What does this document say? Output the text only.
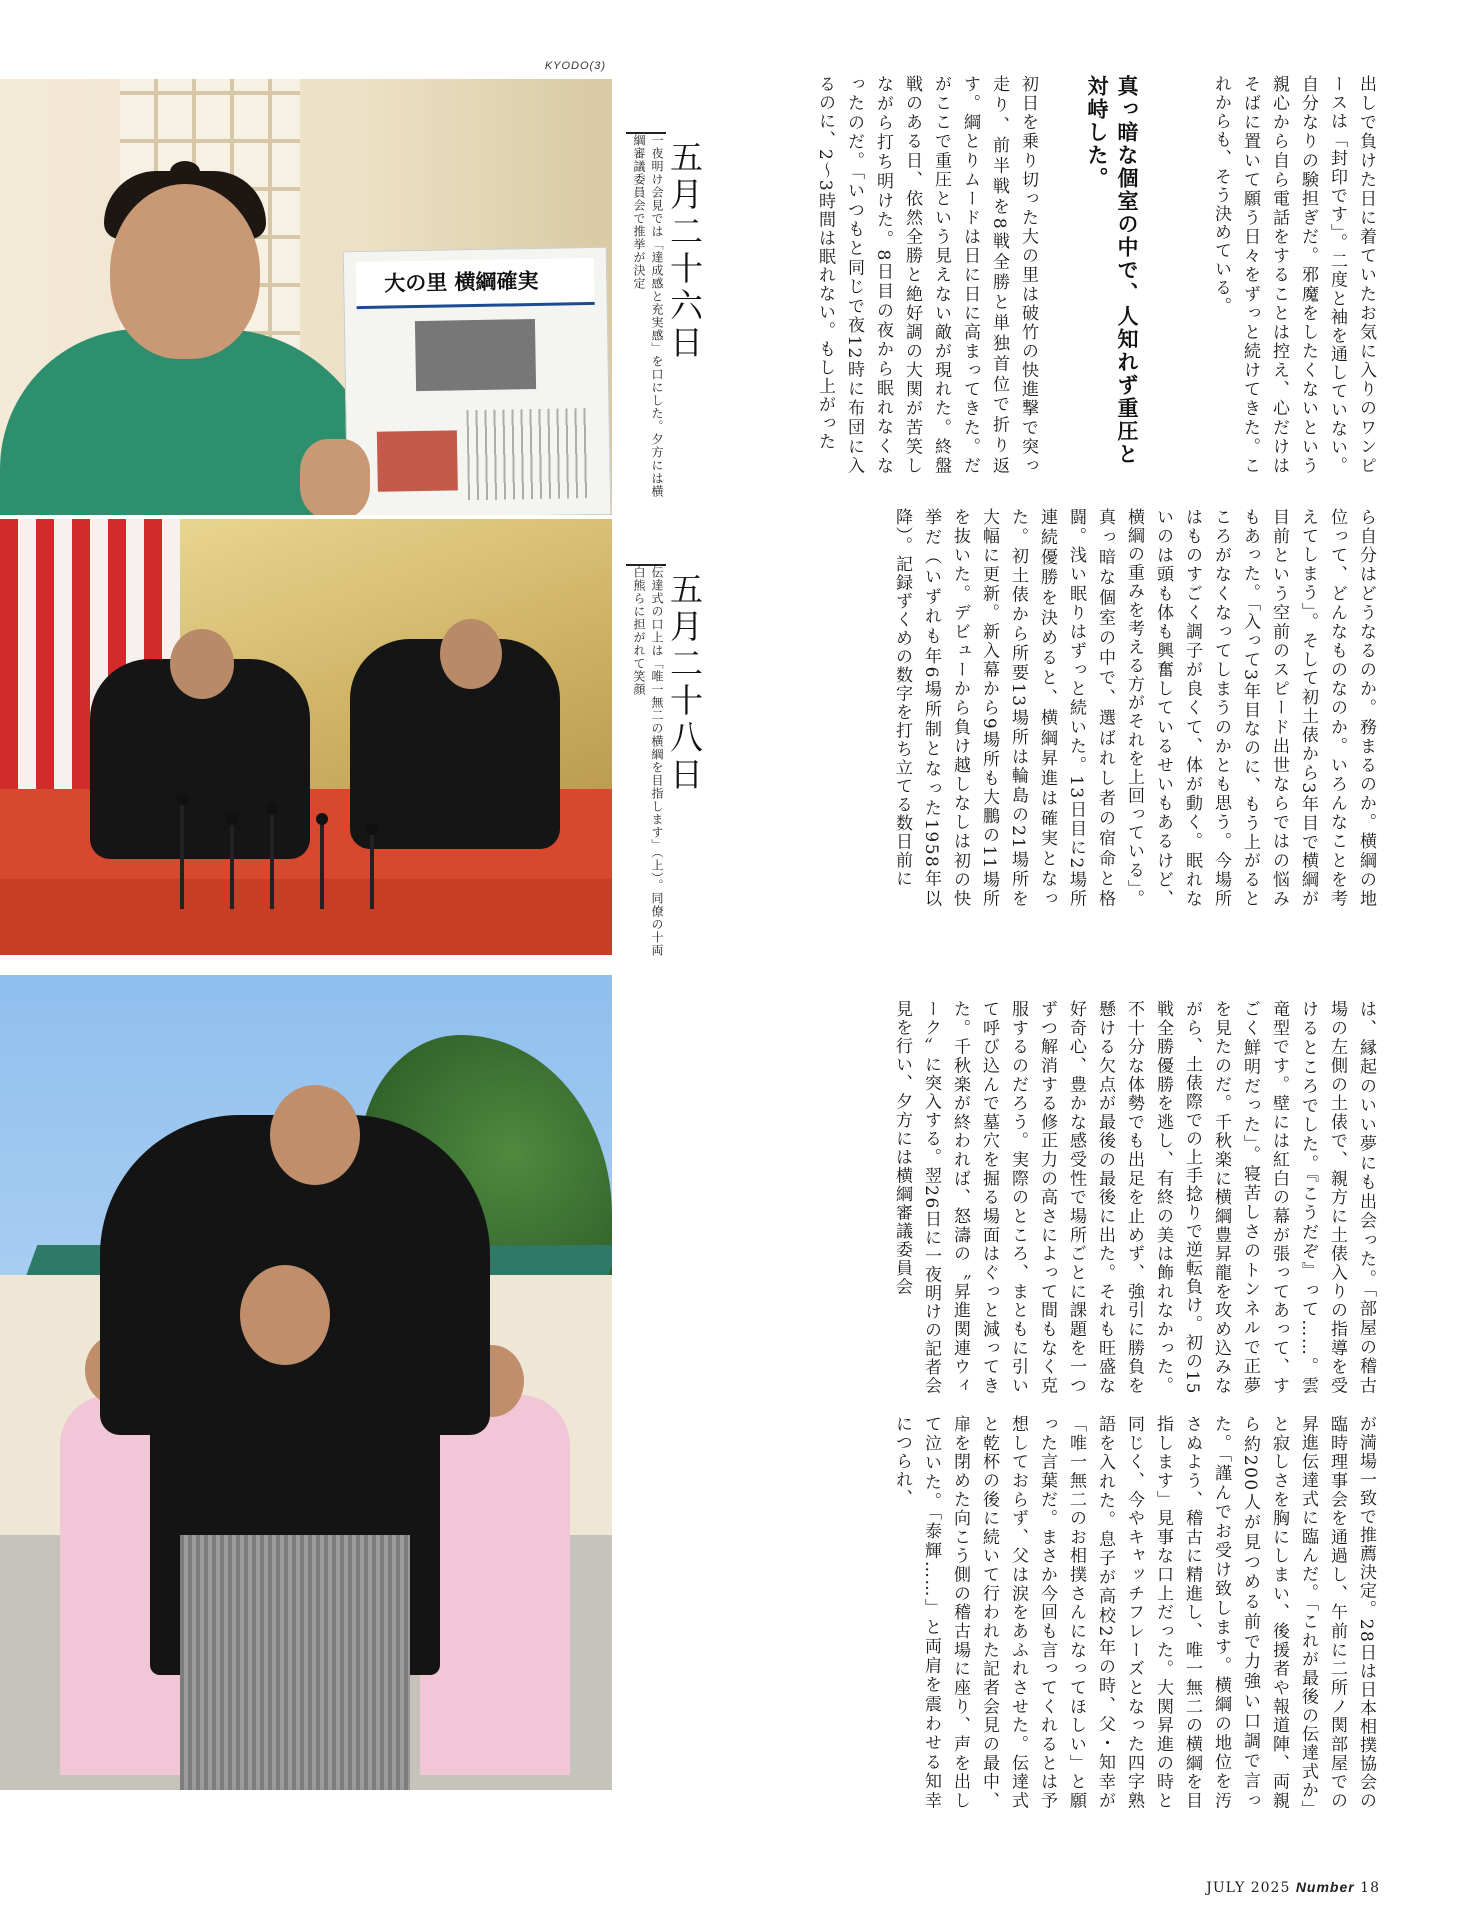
KYODO(3)
大の里 横綱確実	五月二十六日
一夜明け会見では「達成感と充実感」を口にした。夕方には横綱審議委員会で推挙が決定
五月二十八日
伝達式の口上は「唯一無二の横綱を目指します」（上）。同僚の十両白熊らに担がれて笑顔
出しで負けた日に着ていたお気に入りのワンピースは「封印です」。二度と袖を通していない。自分なりの験担ぎだ。邪魔をしたくないという親心から自ら電話をすることは控え、心だけはそばに置いて願う日々をずっと続けてきた。これからも、そう決めている。
真っ暗な個室の中で、人知れず重圧と対峙した。
初日を乗り切った大の里は破竹の快進撃で突っ走り、前半戦を8戦全勝と単独首位で折り返す。綱とりムードは日に日に高まってきた。だがここで重圧という見えない敵が現れた。終盤戦のある日、依然全勝と絶好調の大関が苦笑しながら打ち明けた。8日目の夜から眠れなくなったのだ。「いつもと同じで夜12時に布団に入るのに、2〜3時間は眠れない。もし上がった
ら自分はどうなるのか。務まるのか。横綱の地位って、どんなものなのか。いろんなことを考えてしまう」。そして初土俵から3年目で横綱が目前という空前のスピード出世ならではの悩みもあった。「入って3年目なのに、もう上がるところがなくなってしまうのかとも思う。今場所はものすごく調子が良くて、体が動く。眠れないのは頭も体も興奮しているせいもあるけど、横綱の重みを考える方がそれを上回っている」。真っ暗な個室の中で、選ばれし者の宿命と格闘。浅い眠りはずっと続いた。13日目に2場所連続優勝を決めると、横綱昇進は確実となった。初土俵から所要13場所は輪島の21場所を大幅に更新。新入幕から9場所も大鵬の11場所を抜いた。デビューから負け越しなしは初の快挙だ（いずれも年6場所制となった1958年以降）。記録ずくめの数字を打ち立てる数日前に
は、縁起のいい夢にも出会った。「部屋の稽古場の左側の土俵で、親方に土俵入りの指導を受けるところでした。『こうだぞ』って……。雲竜型です。壁には紅白の幕が張ってあって、すごく鮮明だった」。寝苦しさのトンネルで正夢を見たのだ。千秋楽に横綱豊昇龍を攻め込みながら、土俵際での上手捻りで逆転負け。初の15戦全勝優勝を逃し、有終の美は飾れなかった。不十分な体勢でも出足を止めず、強引に勝負を懸ける欠点が最後の最後に出た。それも旺盛な好奇心、豊かな感受性で場所ごとに課題を一つずつ解消する修正力の高さによって間もなく克服するのだろう。実際のところ、まともに引いて呼び込んで墓穴を掘る場面はぐっと減ってきた。千秋楽が終われば、怒濤の〝昇進関連ウィーク〟に突入する。翌26日に一夜明けの記者会見を行い、夕方には横綱審議委員会
が満場一致で推薦決定。28日は日本相撲協会の臨時理事会を通過し、午前に二所ノ関部屋での昇進伝達式に臨んだ。「これが最後の伝達式か」と寂しさを胸にしまい、後援者や報道陣、両親ら約200人が見つめる前で力強い口調で言った。「謹んでお受け致します。横綱の地位を汚さぬよう、稽古に精進し、唯一無二の横綱を目指します」見事な口上だった。大関昇進の時と同じく、今やキャッチフレーズとなった四字熟語を入れた。息子が高校2年の時、父・知幸が「唯一無二のお相撲さんになってほしい」と願った言葉だ。まさか今回も言ってくれるとは予想しておらず、父は涙をあふれさせた。伝達式と乾杯の後に続いて行われた記者会見の最中、扉を閉めた向こう側の稽古場に座り、声を出して泣いた。「泰輝……」と両肩を震わせる知幸につられ、
JULY 2025 Number 18
